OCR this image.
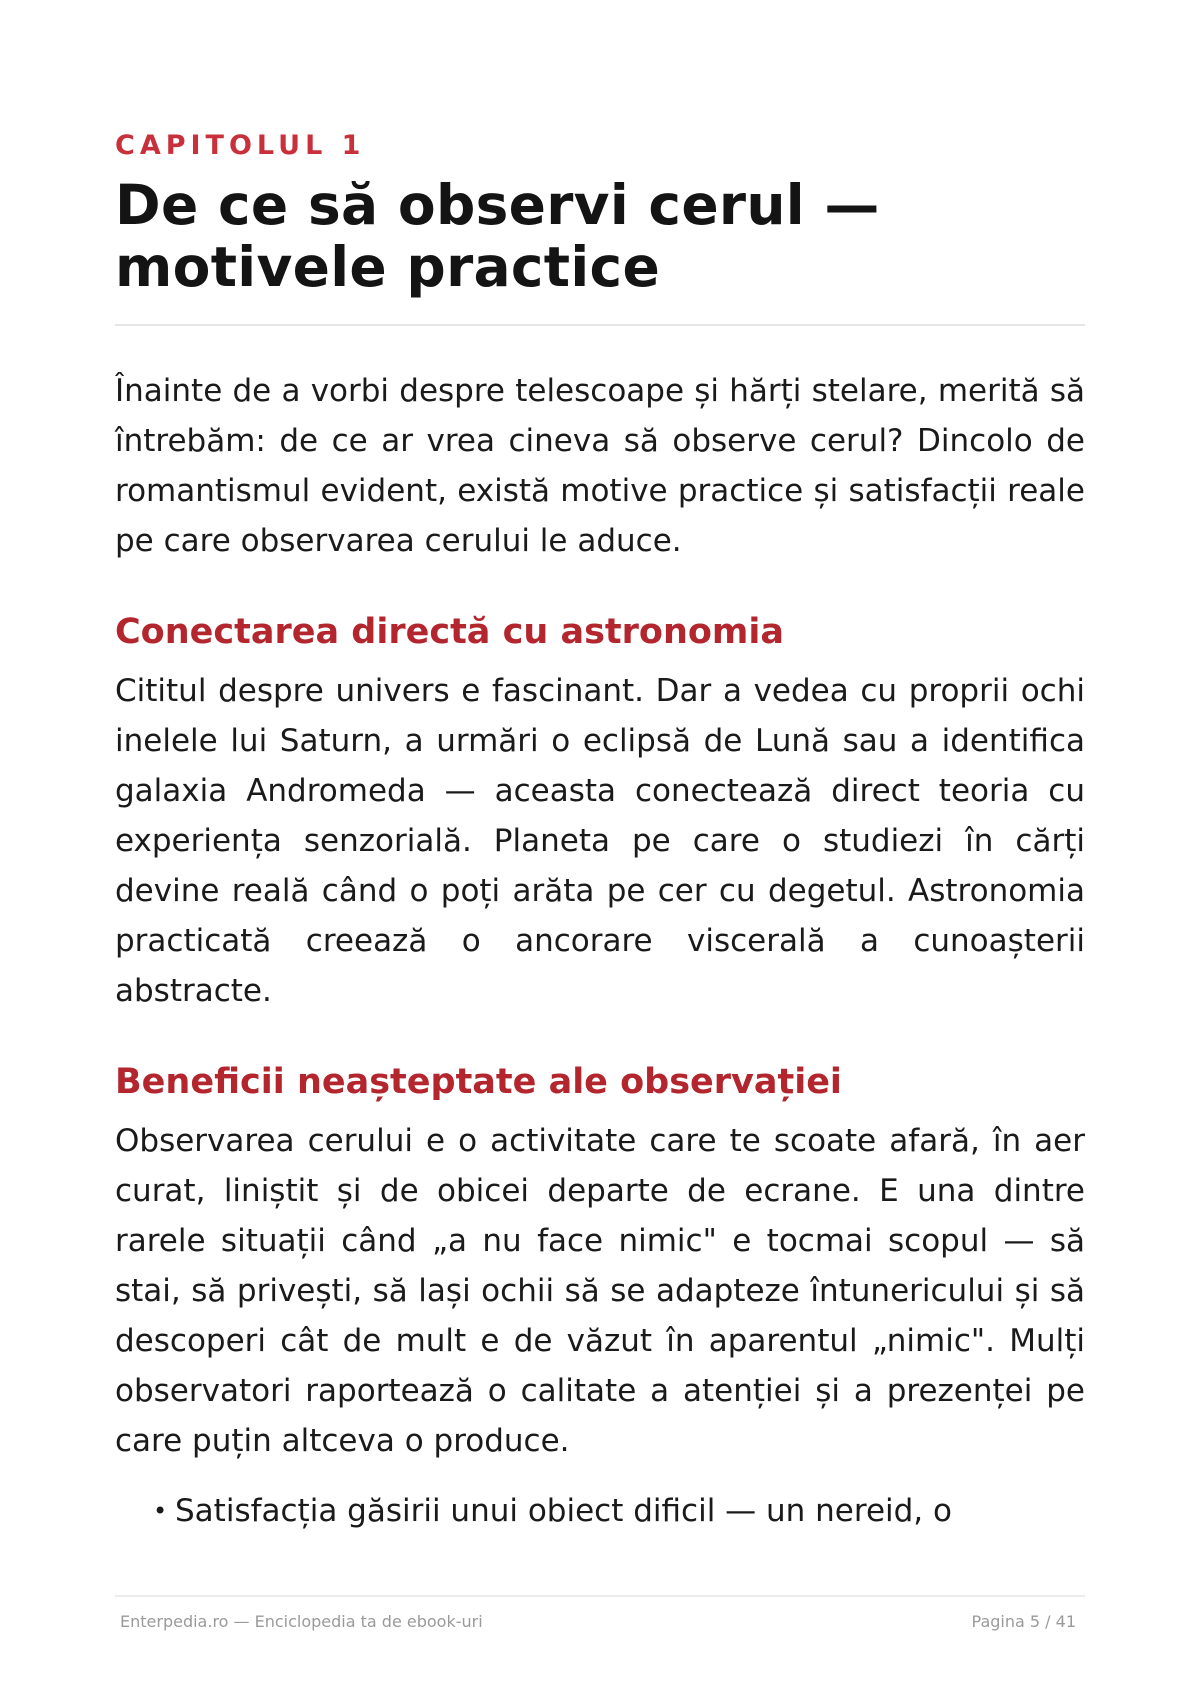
CAPITOLUL 1
De ce să observi cerul —
motivele practice

Înainte de a vorbi despre telescoape și hărți stelare, merită să întrebăm: de ce ar vrea cineva să observe cerul? Dincolo de romantismul evident, există motive practice și satisfacții reale pe care observarea cerului le aduce.

Conectarea directă cu astronomia

Cititul despre univers e fascinant. Dar a vedea cu proprii ochi inelele lui Saturn, a urmări o eclipsă de Lună sau a identifica galaxia Andromeda — aceasta conectează direct teoria cu experiența senzorială. Planeta pe care o studiezi în cărți devine reală când o poți arăta pe cer cu degetul. Astronomia practicată creează o ancorare viscerală a cunoașterii abstracte.

Beneficii neașteptate ale observației

Observarea cerului e o activitate care te scoate afară, în aer curat, liniștit și de obicei departe de ecrane. E una dintre rarele situații când „a nu face nimic" e tocmai scopul — să stai, să privești, să lași ochii să se adapteze întunericului și să descoperi cât de mult e de văzut în aparentul „nimic". Mulți observatori raportează o calitate a atenției și a prezenței pe care puțin altceva o produce.

• Satisfacția găsirii unui obiect dificil — un nereid, o
Enterpedia.ro — Enciclopedia ta de ebook-uri	Pagina 5 / 41
